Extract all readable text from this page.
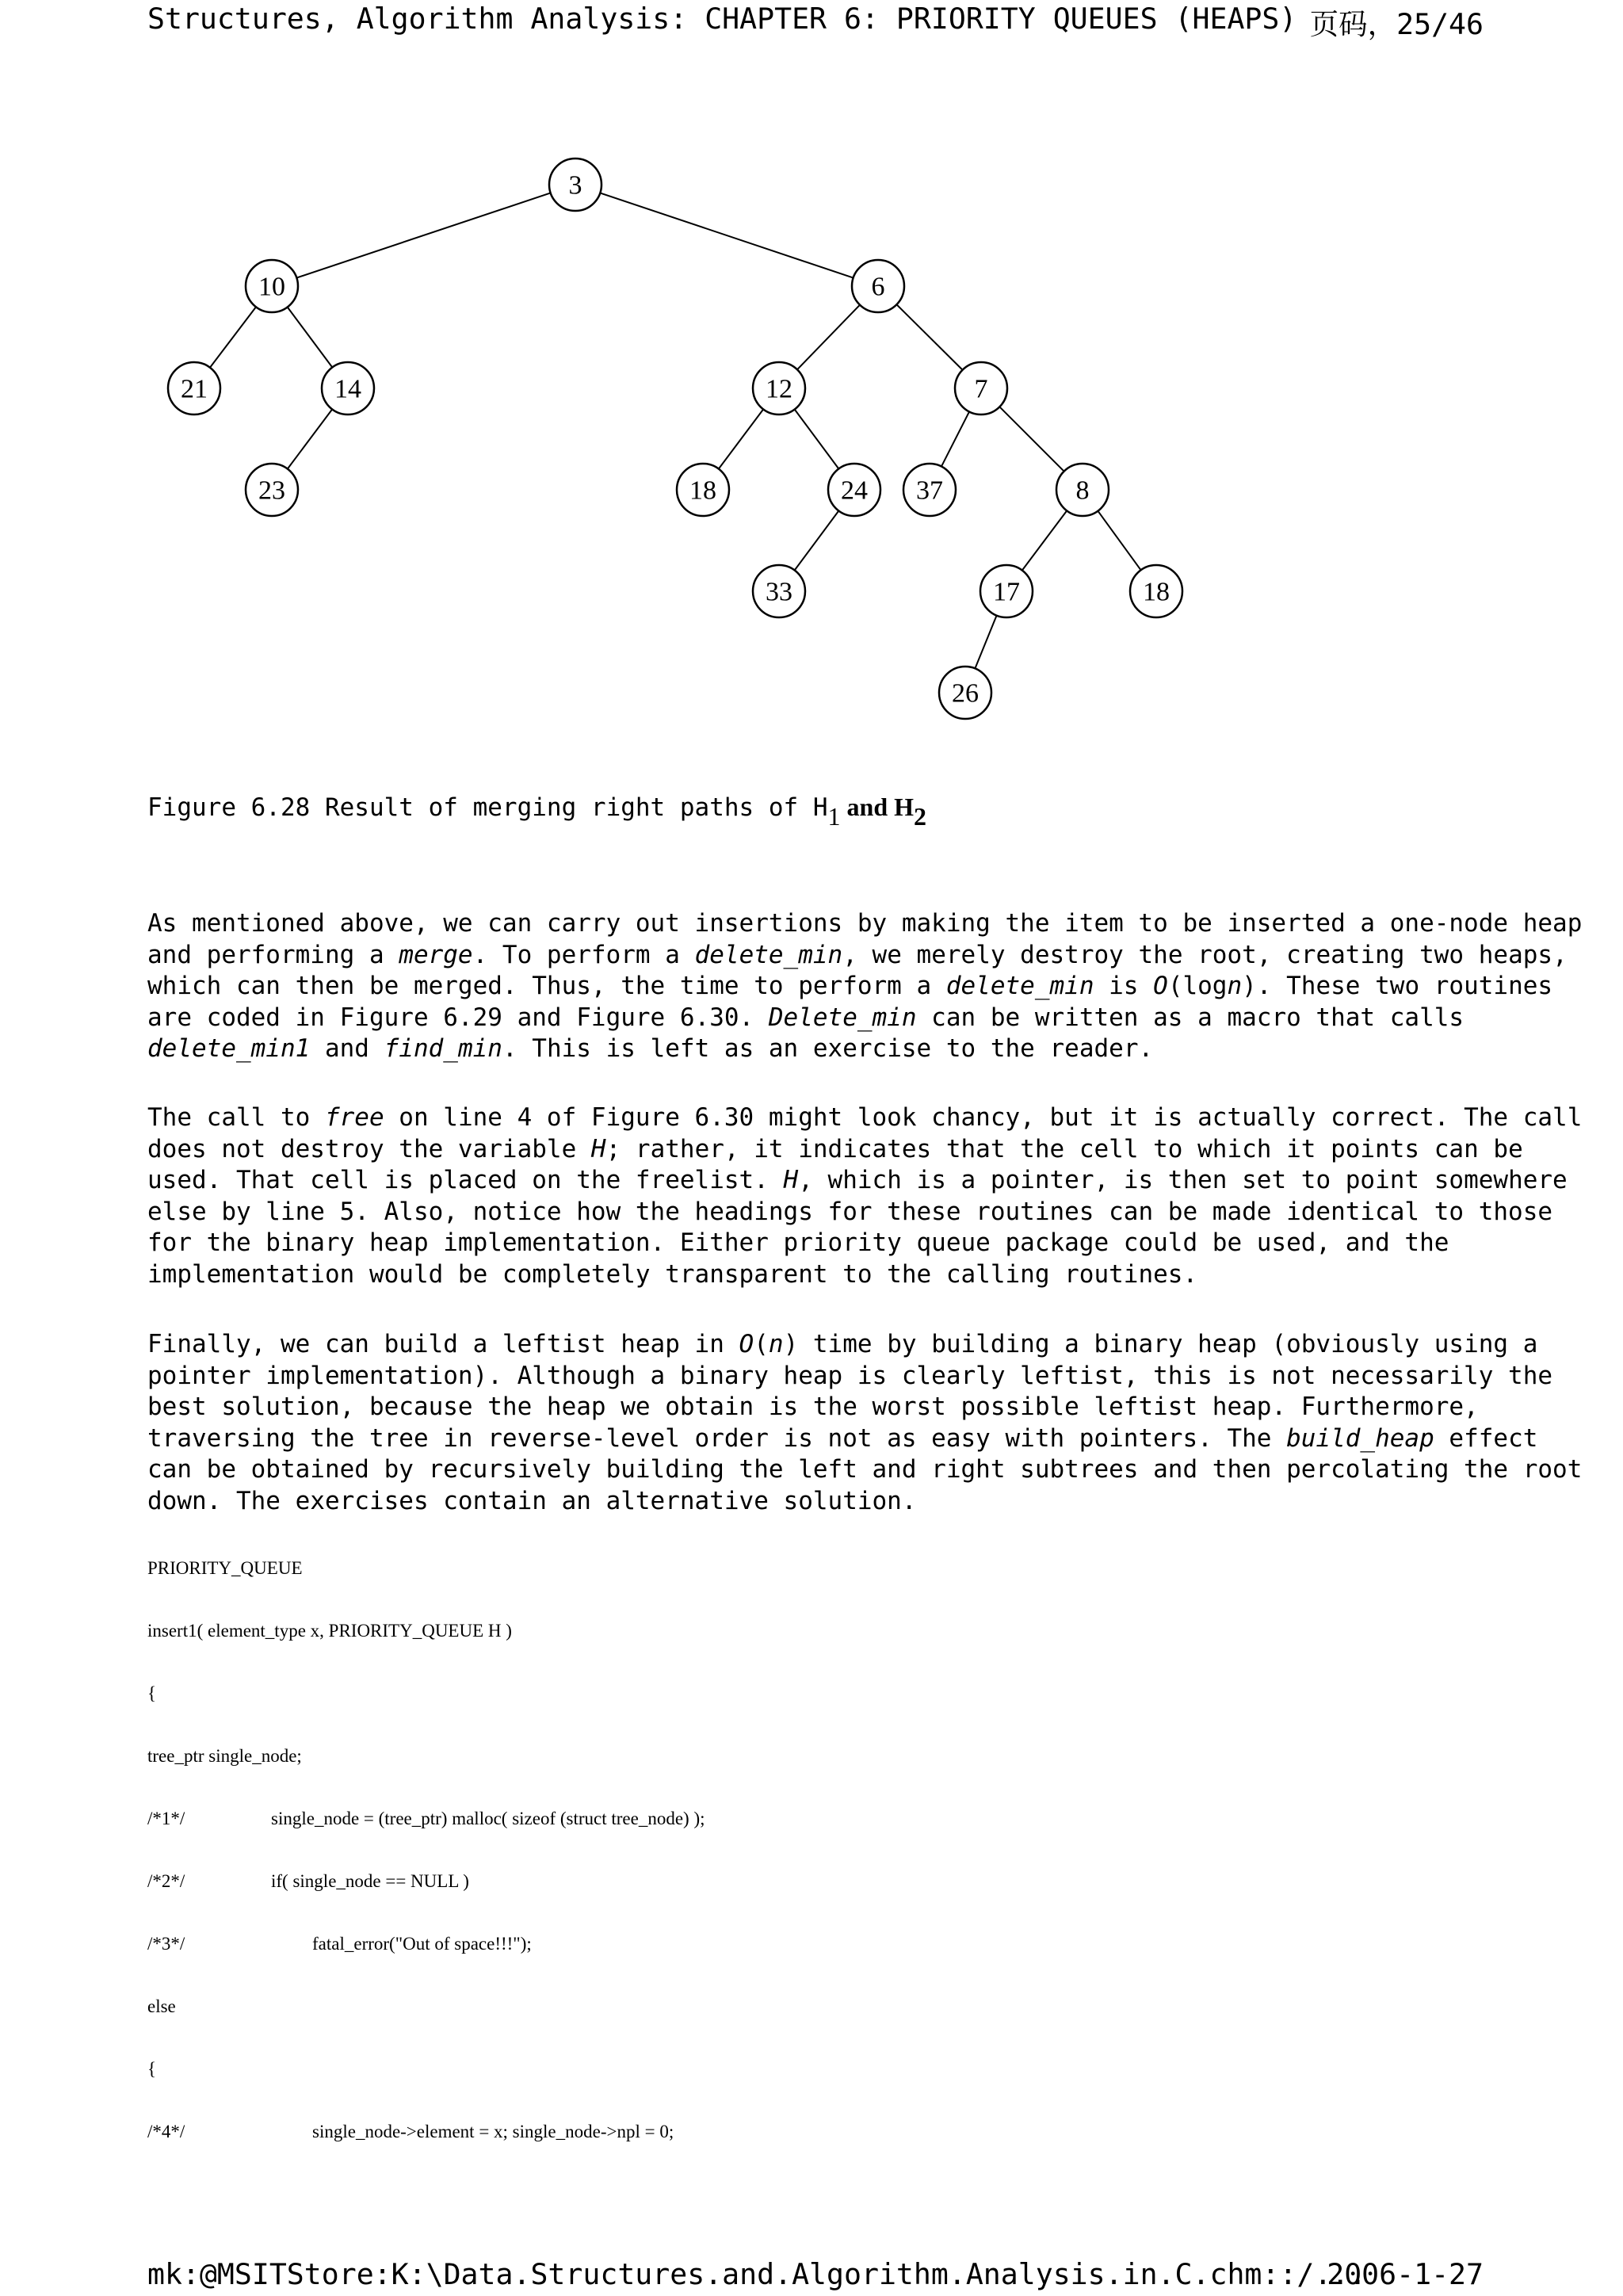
Structures, Algorithm Analysis: CHAPTER 6: PRIORITY QUEUES (HEAPS) 页码，25/46
3
10	6
21	14	12	7
23	18	24 37	8
33	17	18
26
Figure 6.28 Result of merging right paths of $H_1$ and H2
As mentioned above, we can carry out insertions by making the item to be inserted a one-node heap
and performing a merge. To perform a delete_min, we merely destroy the root, creating two heaps,
which can then be merged. Thus, the time to perform a delete_min is O(logn). These two routines
are coded in Figure 6.29 and Figure 6.30. Delete_min can be written as a macro that calls
delete_min1 and find_min. This is left as an exercise to the reader.
The call to free on line 4 of Figure 6.30 might look chancy, but it is actually correct. The call
does not destroy the variable H; rather, it indicates that the cell to which it points can be
used. That cell is placed on the freelist. H, which is a pointer, is then set to point somewhere
else by line 5. Also, notice how the headings for these routines can be made identical to those
for the binary heap implementation. Either priority queue package could be used, and the
implementation would be completely transparent to the calling routines.
Finally, we can build a leftist heap in O(n) time by building a binary heap (obviously using a
pointer implementation). Although a binary heap is clearly leftist, this is not necessarily the
best solution, because the heap we obtain is the worst possible leftist heap. Furthermore,
traversing the tree in reverse-level order is not as easy with pointers. The build_heap effect
can be obtained by recursively building the left and right subtrees and then percolating the root
down. The exercises contain an alternative solution.
PRIORITY_QUEUE
insert1( element_type x, PRIORITY_QUEUE H )
{
tree_ptr single_node;
/*1*/	single_node = (tree_ptr) malloc( sizeof (struct tree_node) );
/*2*/	if( single_node == NULL )
/*3*/	fatal_error("Out of space!!!");
else
{
/*4*/	single_node->element = x; single_node->npl = 0;
mk:@MSITStore:K:\Data.Structures.and.Algorithm.Analysis.in.C.chm::/...
2006-1-27
